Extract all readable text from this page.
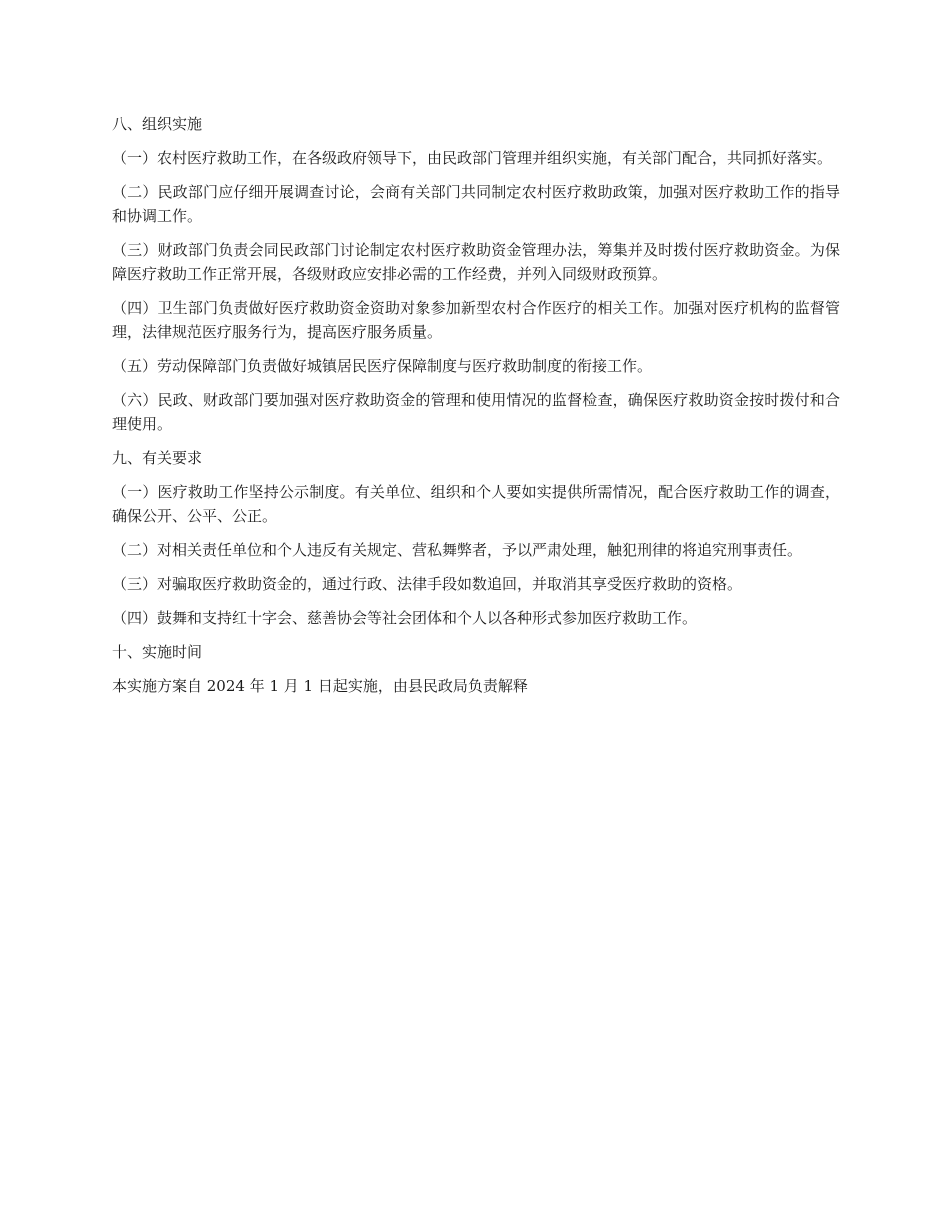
八、组织实施

（一）农村医疗救助工作，在各级政府领导下，由民政部门管理并组织实施，有关部门配合，共同抓好落实。

（二）民政部门应仔细开展调查讨论，会商有关部门共同制定农村医疗救助政策，加强对医疗救助工作的指导和协调工作。

（三）财政部门负责会同民政部门讨论制定农村医疗救助资金管理办法，筹集并及时拨付医疗救助资金。为保障医疗救助工作正常开展，各级财政应安排必需的工作经费，并列入同级财政预算。

（四）卫生部门负责做好医疗救助资金资助对象参加新型农村合作医疗的相关工作。加强对医疗机构的监督管理，法律规范医疗服务行为，提高医疗服务质量。

（五）劳动保障部门负责做好城镇居民医疗保障制度与医疗救助制度的衔接工作。

（六）民政、财政部门要加强对医疗救助资金的管理和使用情况的监督检查，确保医疗救助资金按时拨付和合理使用。

九、有关要求

（一）医疗救助工作坚持公示制度。有关单位、组织和个人要如实提供所需情况，配合医疗救助工作的调查，确保公开、公平、公正。

（二）对相关责任单位和个人违反有关规定、营私舞弊者，予以严肃处理，触犯刑律的将追究刑事责任。

（三）对骗取医疗救助资金的，通过行政、法律手段如数追回，并取消其享受医疗救助的资格。

（四）鼓舞和支持红十字会、慈善协会等社会团体和个人以各种形式参加医疗救助工作。

十、实施时间

本实施方案自 2024 年 1 月 1 日起实施，由县民政局负责解释
